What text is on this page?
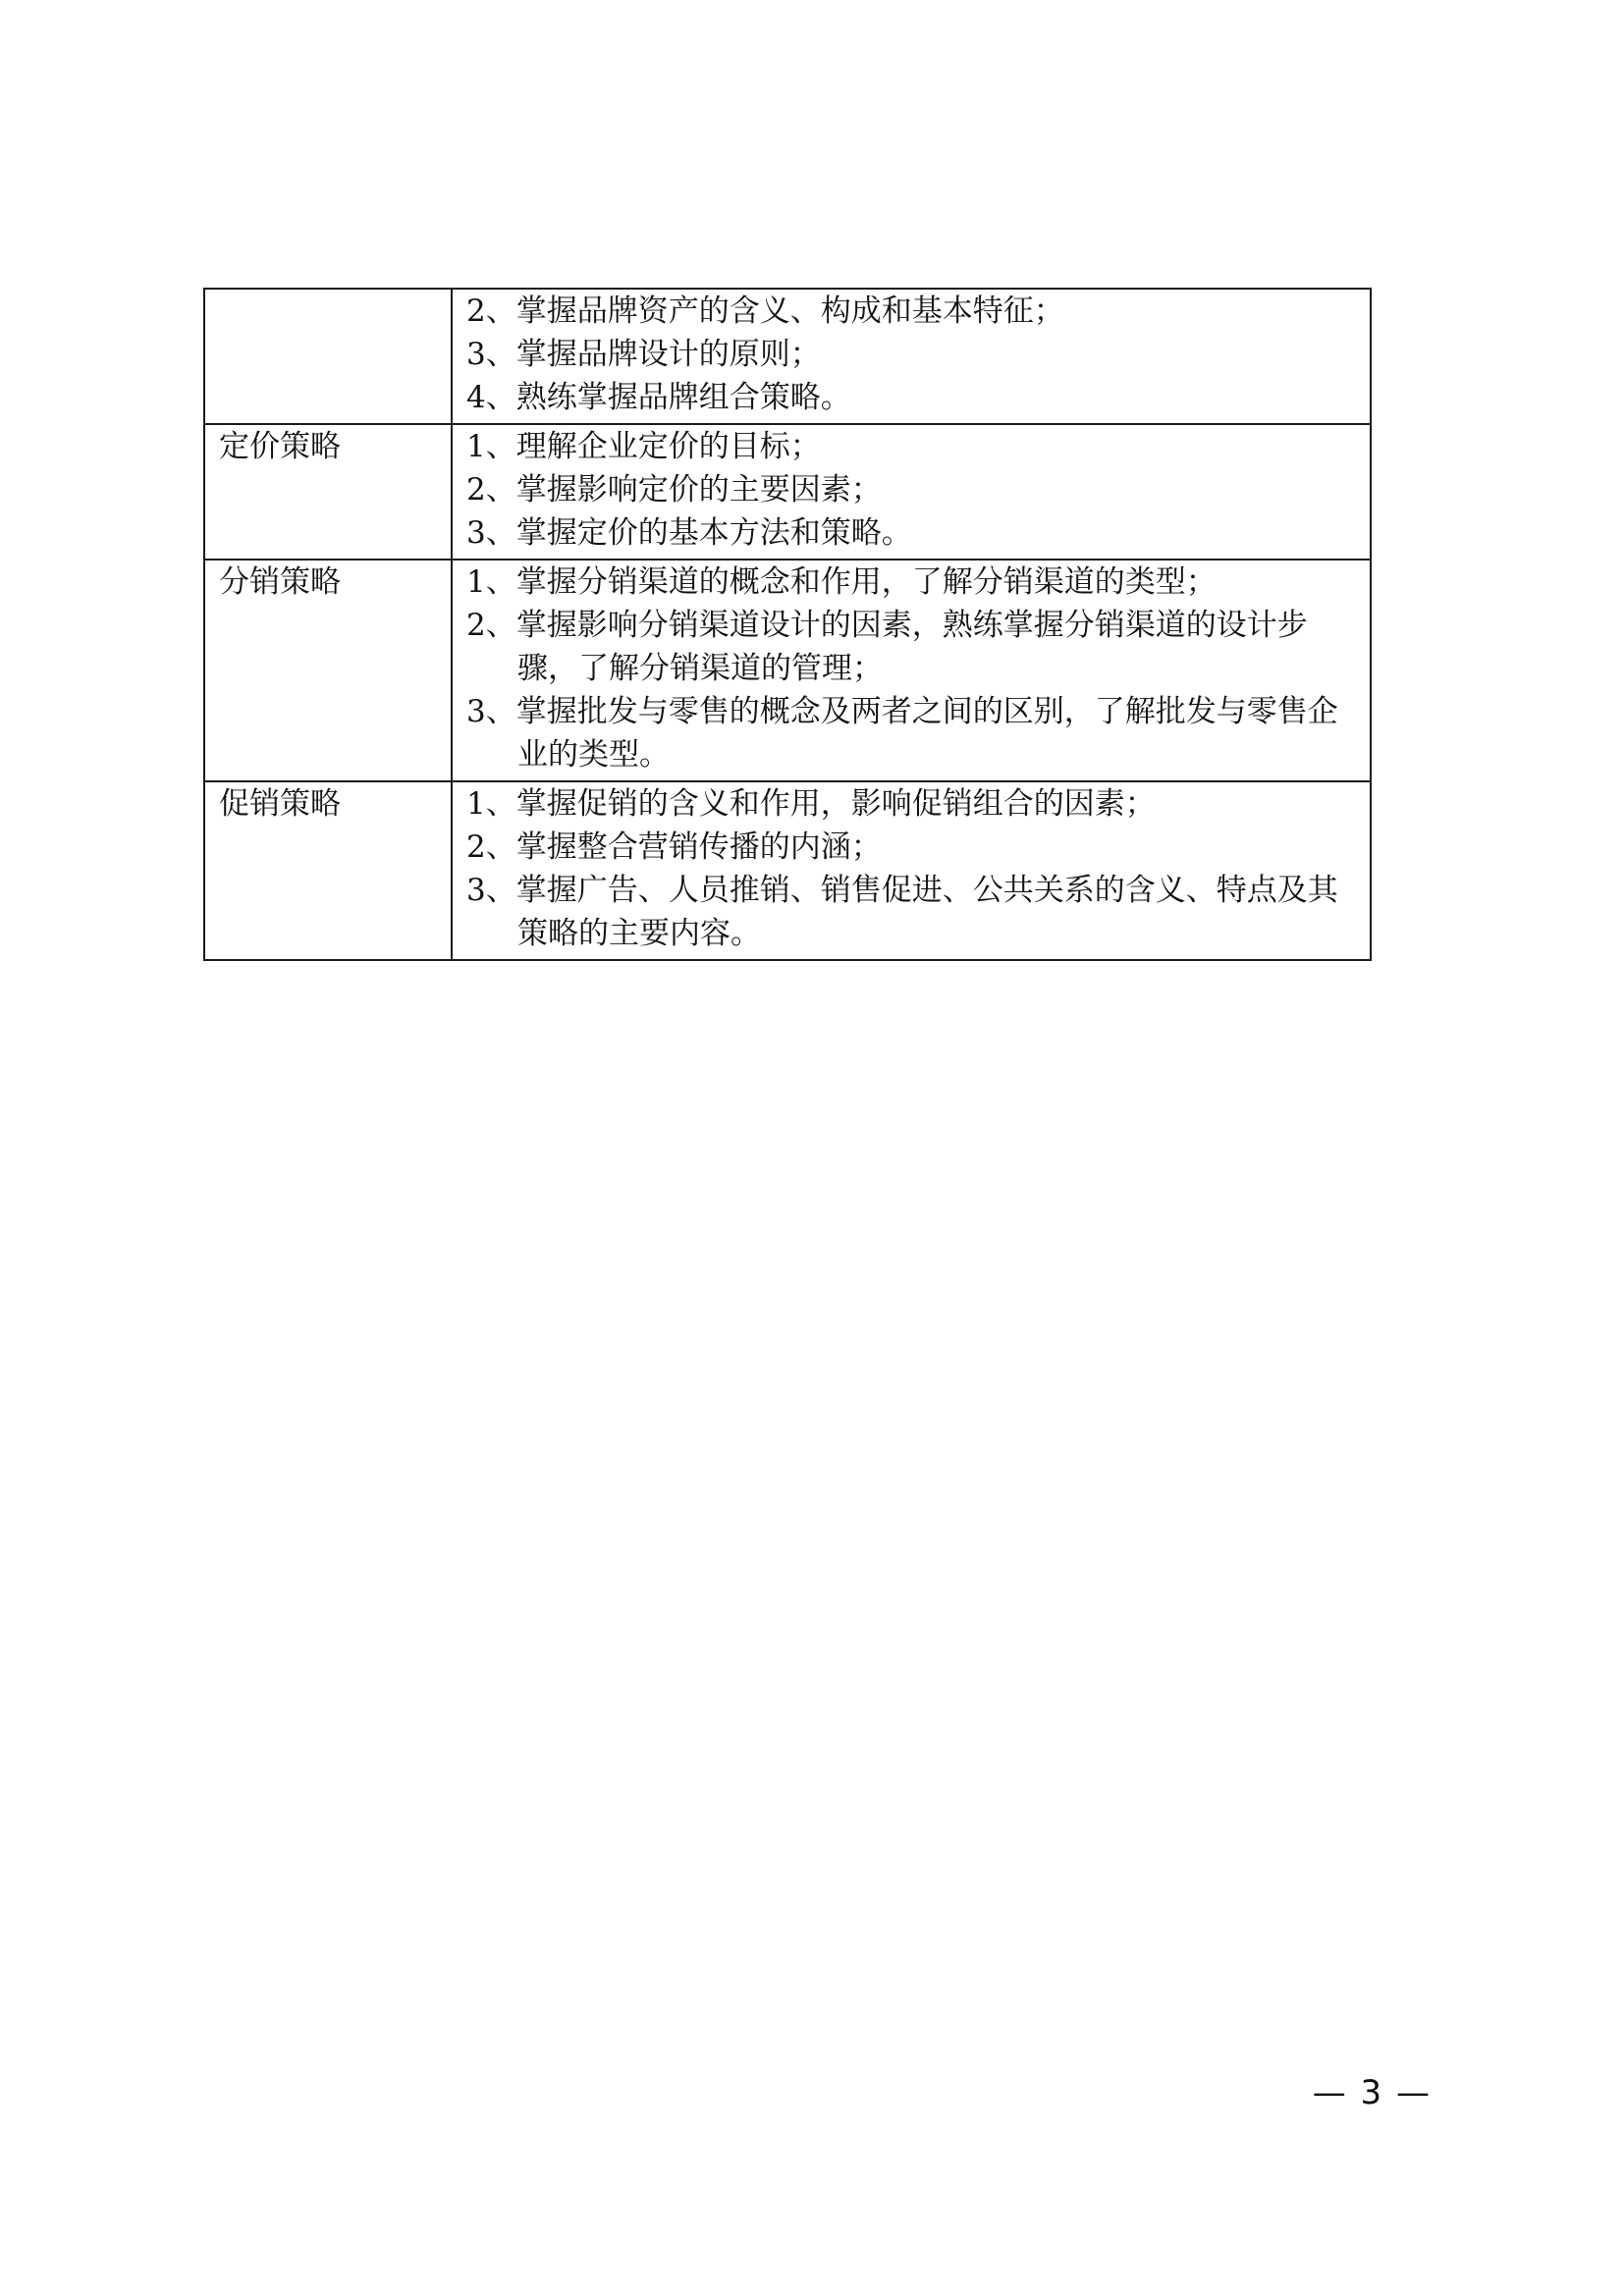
	2、掌握品牌资产的含义、构成和基本特征；
3、掌握品牌设计的原则；
4、熟练掌握品牌组合策略。

定价策略	1、理解企业定价的目标；
2、掌握影响定价的主要因素；
3、掌握定价的基本方法和策略。

分销策略	1、掌握分销渠道的概念和作用，了解分销渠道的类型；
2、掌握影响分销渠道设计的因素，熟练掌握分销渠道的设计步骤，了解分销渠道的管理；
3、掌握批发与零售的概念及两者之间的区别，了解批发与零售企业的类型。

促销策略	1、掌握促销的含义和作用，影响促销组合的因素；
2、掌握整合营销传播的内涵；
3、掌握广告、人员推销、销售促进、公共关系的含义、特点及其策略的主要内容。
— 3 —
